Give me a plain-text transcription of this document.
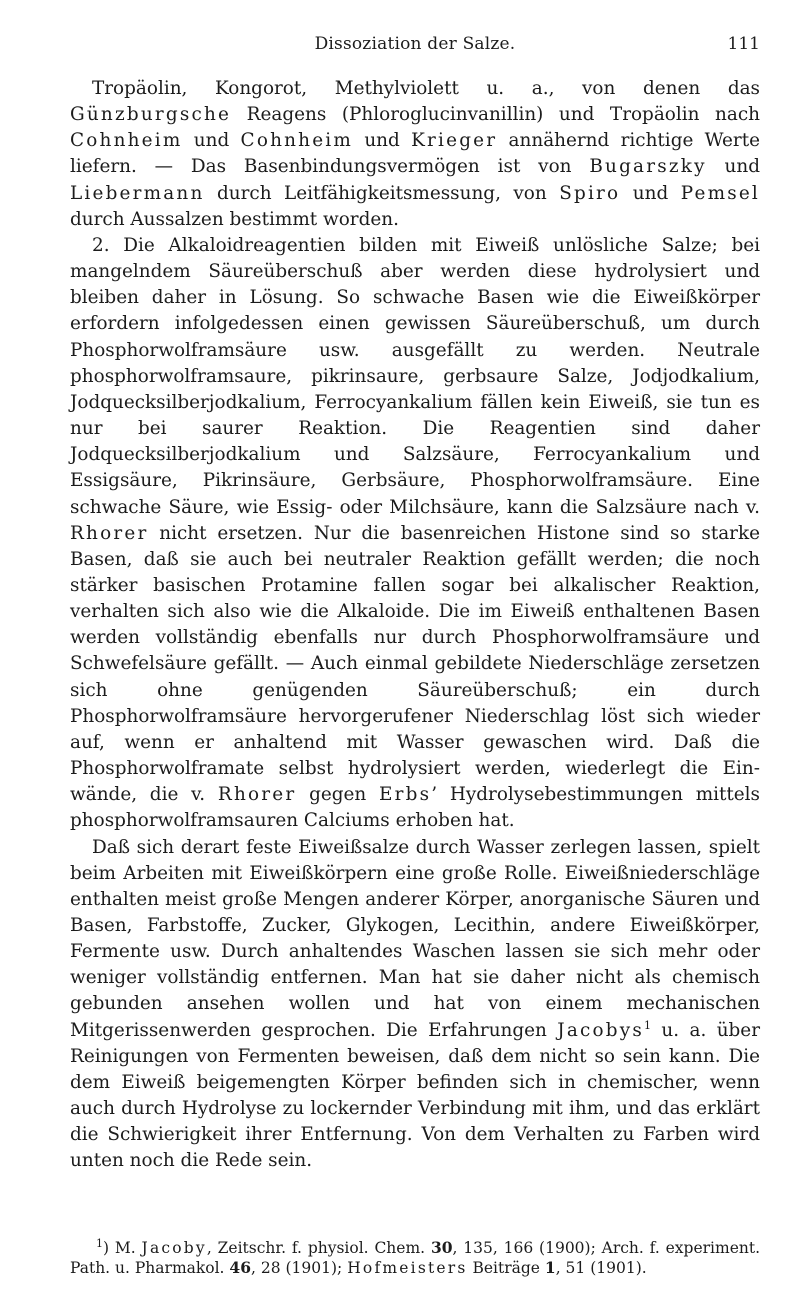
Dissoziation der Salze.	111

Tropäolin, Kongorot, Methylviolett u. a., von denen das Günzburgsche Reagens (Phloroglucinvanillin) und Tropäolin nach Cohnheim und Cohnheim und Krieger annähernd richtige Werte liefern. — Das Basenbindungsvermögen ist von Bugarszky und Liebermann durch Leitfähigkeitsmessung, von Spiro und Pemsel durch Aussalzen bestimmt worden.

2. Die Alkaloidreagentien bilden mit Eiweiß unlösliche Salze; bei mangelndem Säureüberschuß aber werden diese hydrolysiert und bleiben daher in Lösung. So schwache Basen wie die Eiweißkörper erfordern infolgedessen einen gewissen Säureüberschuß, um durch Phosphorwolframsäure usw. ausgefällt zu werden. Neutrale phosphorwolframsaure, pikrinsaure, gerbsaure Salze, Jodjodkalium, Jodquecksilberjodkalium, Ferrocyankalium fällen kein Eiweiß, sie tun es nur bei saurer Reaktion. Die Reagentien sind daher Jodquecksilberjodkalium und Salzsäure, Ferrocyankalium und Essigsäure, Pikrinsäure, Gerbsäure, Phosphorwolframsäure. Eine schwache Säure, wie Essig- oder Milchsäure, kann die Salzsäure nach v. Rhorer nicht ersetzen. Nur die basenreichen Histone sind so starke Basen, daß sie auch bei neutraler Reaktion gefällt werden; die noch stärker basischen Protamine fallen sogar bei alkalischer Reaktion, verhalten sich also wie die Alkaloide. Die im Eiweiß enthaltenen Basen werden vollständig ebenfalls nur durch Phosphorwolframsäure und Schwefelsäure gefällt. — Auch einmal gebildete Niederschläge zersetzen sich ohne genügenden Säureüberschuß; ein durch Phosphorwolframsäure hervorgerufener Niederschlag löst sich wieder auf, wenn er anhaltend mit Wasser gewaschen wird. Daß die Phosphorwolframate selbst hydrolysiert werden, wiederlegt die Einwände, die v. Rhorer gegen Erbs’ Hydrolysebestimmungen mittels phosphorwolframsauren Calciums erhoben hat.

Daß sich derart feste Eiweißsalze durch Wasser zerlegen lassen, spielt beim Arbeiten mit Eiweißkörpern eine große Rolle. Eiweißniederschläge enthalten meist große Mengen anderer Körper, anorganische Säuren und Basen, Farbstoffe, Zucker, Glykogen, Lecithin, andere Eiweißkörper, Fermente usw. Durch anhaltendes Waschen lassen sie sich mehr oder weniger vollständig entfernen. Man hat sie daher nicht als chemisch gebunden ansehen wollen und hat von einem mechanischen Mitgerissenwerden gesprochen. Die Erfahrungen Jacobys$^1$ u. a. über Reinigungen von Fermenten beweisen, daß dem nicht so sein kann. Die dem Eiweiß beigemengten Körper befinden sich in chemischer, wenn auch durch Hydrolyse zu lockernder Verbindung mit ihm, und das erklärt die Schwierigkeit ihrer Entfernung. Von dem Verhalten zu Farben wird unten noch die Rede sein.

$^1$) M. Jacoby, Zeitschr. f. physiol. Chem. 30, 135, 166 (1900); Arch. f. experiment. Path. u. Pharmakol. 46, 28 (1901); Hofmeisters Beiträge 1, 51 (1901).
